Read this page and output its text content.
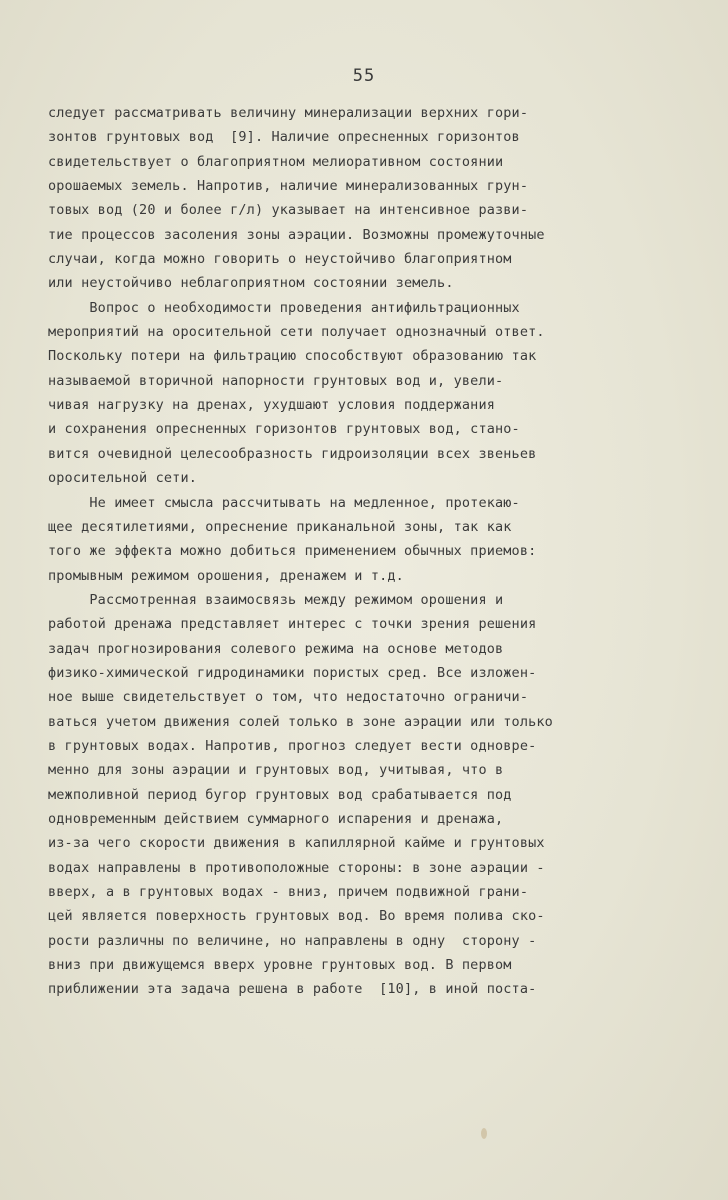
55
следует рассматривать величину минерализации верхних гори-
зонтов грунтовых вод  [9]. Наличие опресненных горизонтов
свидетельствует о благоприятном мелиоративном состоянии
орошаемых земель. Напротив, наличие минерализованных грун-
товых вод (20 и более г/л) указывает на интенсивное разви-
тие процессов засоления зоны аэрации. Возможны промежуточные
случаи, когда можно говорить о неустойчиво благоприятном
или неустойчиво неблагоприятном состоянии земель.
Вопрос о необходимости проведения антифильтрационных
мероприятий на оросительной сети получает однозначный ответ.
Поскольку потери на фильтрацию способствуют образованию так
называемой вторичной напорности грунтовых вод и, увели-
чивая нагрузку на дренах, ухудшают условия поддержания
и сохранения опресненных горизонтов грунтовых вод, стано-
вится очевидной целесообразность гидроизоляции всех звеньев
оросительной сети.
Не имеет смысла рассчитывать на медленное, протекаю-
щее десятилетиями, опреснение приканальной зоны, так как
того же эффекта можно добиться применением обычных приемов:
промывным режимом орошения, дренажем и т.д.
Рассмотренная взаимосвязь между режимом орошения и
работой дренажа представляет интерес с точки зрения решения
задач прогнозирования солевого режима на основе методов
физико-химической гидродинамики пористых сред. Все изложен-
ное выше свидетельствует о том, что недостаточно ограничи-
ваться учетом движения солей только в зоне аэрации или только
в грунтовых водах. Напротив, прогноз следует вести одновре-
менно для зоны аэрации и грунтовых вод, учитывая, что в
межполивной период бугор грунтовых вод срабатывается под
одновременным действием суммарного испарения и дренажа,
из-за чего скорости движения в капиллярной кайме и грунтовых
водах направлены в противоположные стороны: в зоне аэрации -
вверх, а в грунтовых водах - вниз, причем подвижной грани-
цей является поверхность грунтовых вод. Во время полива ско-
рости различны по величине, но направлены в одну  сторону -
вниз при движущемся вверх уровне грунтовых вод. В первом
приближении эта задача решена в работе  [10], в иной поста-
